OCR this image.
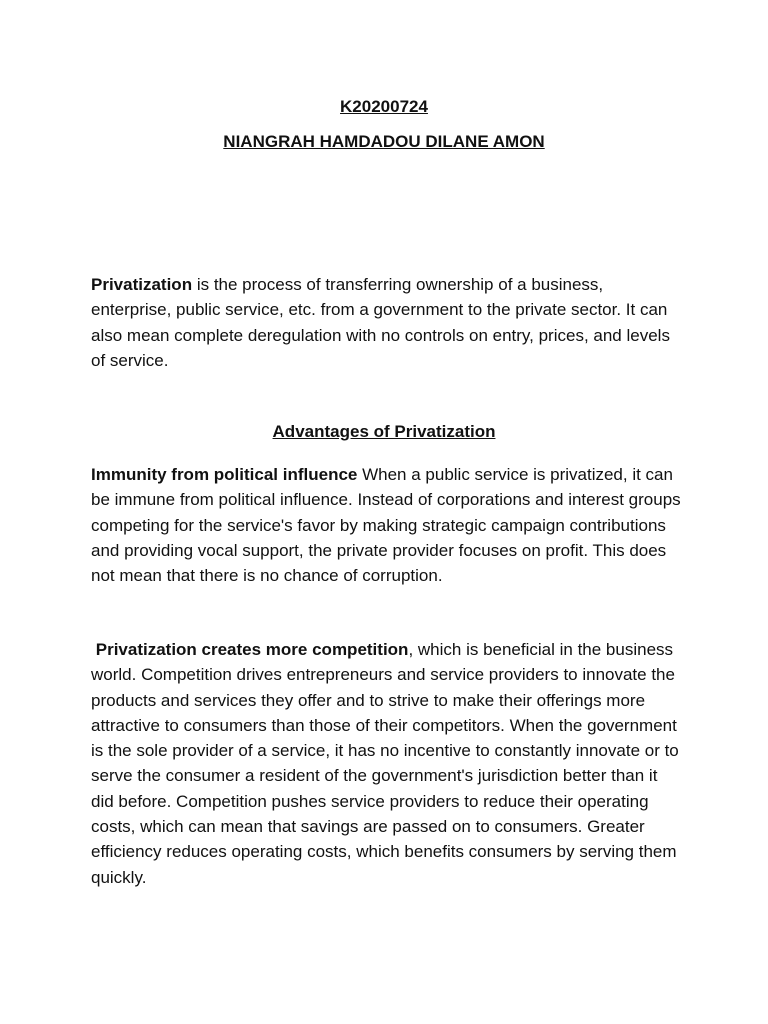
K20200724
NIANGRAH HAMDADOU DILANE AMON

Privatization is the process of transferring ownership of a business, enterprise, public service, etc. from a government to the private sector. It can also mean complete deregulation with no controls on entry, prices, and levels of service.

Advantages of Privatization

Immunity from political influence When a public service is privatized, it can be immune from political influence. Instead of corporations and interest groups competing for the service's favor by making strategic campaign contributions and providing vocal support, the private provider focuses on profit. This does not mean that there is no chance of corruption.

Privatization creates more competition, which is beneficial in the business world. Competition drives entrepreneurs and service providers to innovate the products and services they offer and to strive to make their offerings more attractive to consumers than those of their competitors. When the government is the sole provider of a service, it has no incentive to constantly innovate or to serve the consumer a resident of the government's jurisdiction better than it did before. Competition pushes service providers to reduce their operating costs, which can mean that savings are passed on to consumers. Greater efficiency reduces operating costs, which benefits consumers by serving them quickly.
